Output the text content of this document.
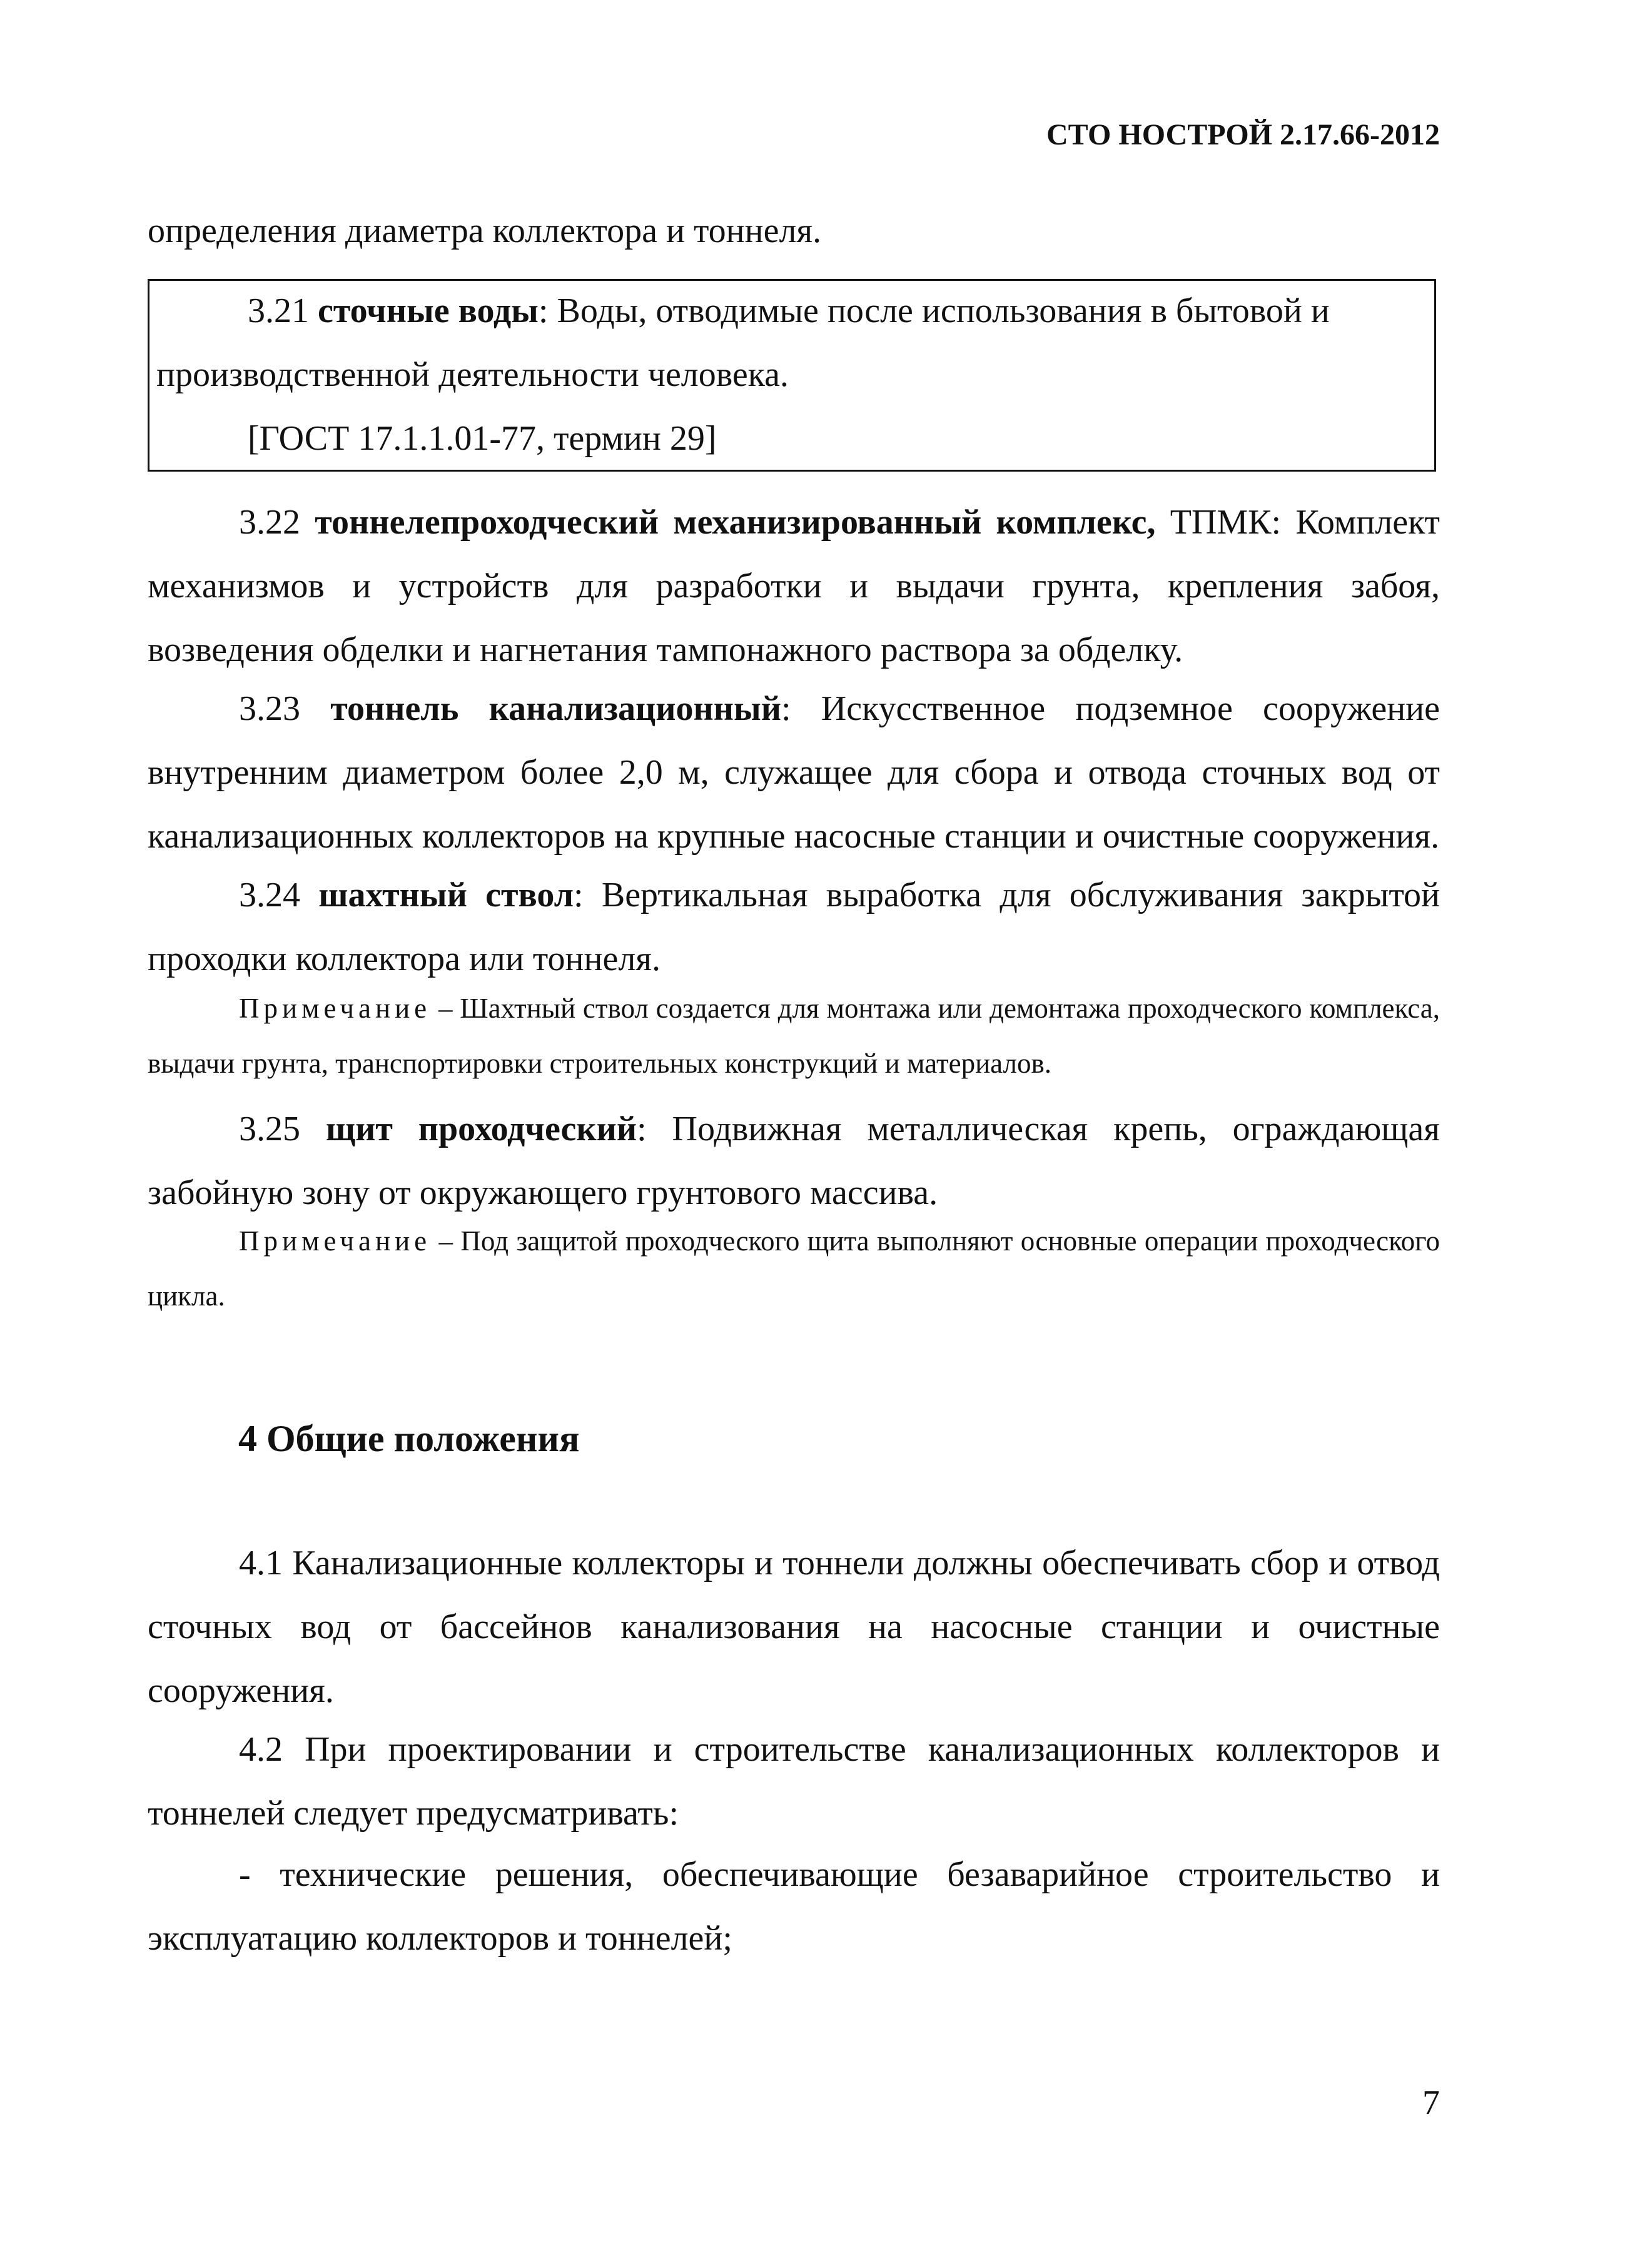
СТО НОСТРОЙ 2.17.66-2012
определения диаметра коллектора и тоннеля.

3.21 сточные воды: Воды, отводимые после использования в бытовой и

производственной деятельности человека.

[ГОСТ 17.1.1.01-77, термин 29]

3.22 тоннелепроходческий механизированный комплекс, ТПМК: Комплект механизмов и устройств для разработки и выдачи грунта, крепления забоя, возведения обделки и нагнетания тампонажного раствора за обделку.

3.23 тоннель канализационный: Искусственное подземное сооружение внутренним диаметром более 2,0 м, служащее для сбора и отвода сточных вод от канализационных коллекторов на крупные насосные станции и очистные сооружения.

3.24 шахтный ствол: Вертикальная выработка для обслуживания закрытой проходки коллектора или тоннеля.

Примечание – Шахтный ствол создается для монтажа или демонтажа проходческого комплекса, выдачи грунта, транспортировки строительных конструкций и материалов.

3.25 щит проходческий: Подвижная металлическая крепь, ограждающая забойную зону от окружающего грунтового массива.

Примечание – Под защитой проходческого щита выполняют основные операции проходческого цикла.

4 Общие положения

4.1 Канализационные коллекторы и тоннели должны обеспечивать сбор и отвод сточных вод от бассейнов канализования на насосные станции и очистные сооружения.

4.2 При проектировании и строительстве канализационных коллекторов и тоннелей следует предусматривать:

- технические решения, обеспечивающие безаварийное строительство и эксплуатацию коллекторов и тоннелей;

7
